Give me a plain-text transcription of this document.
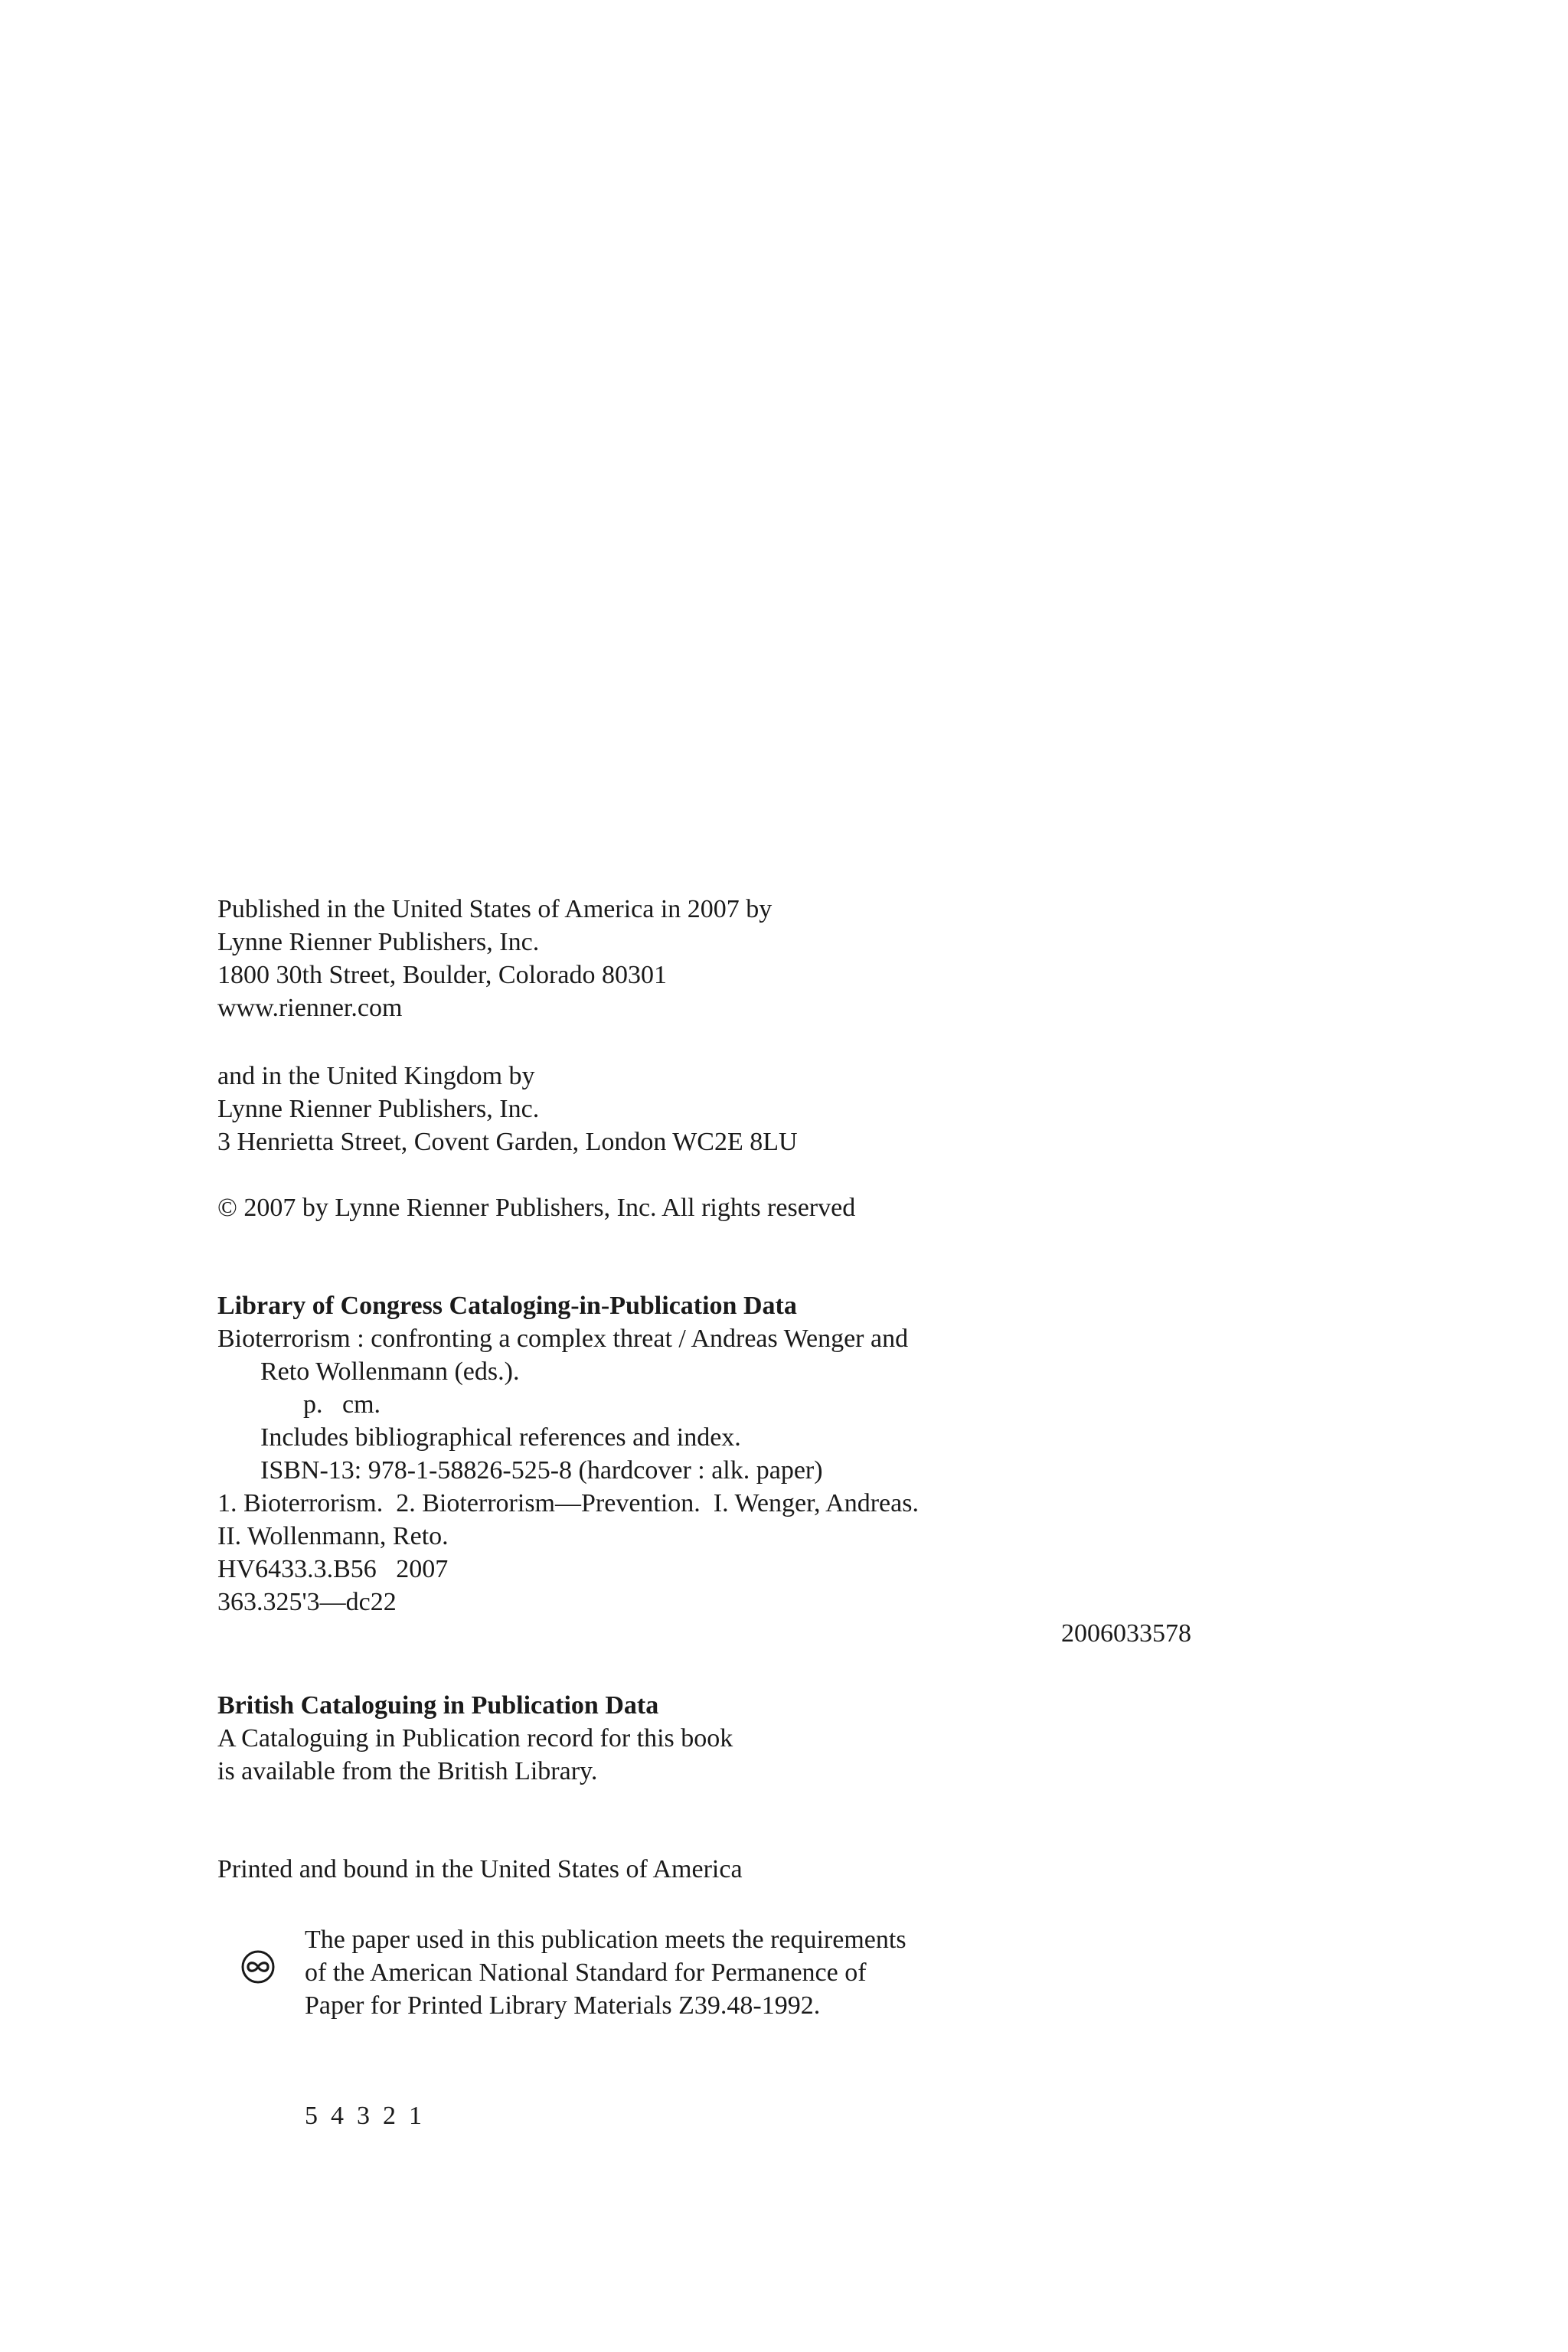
Published in the United States of America in 2007 by
Lynne Rienner Publishers, Inc.
1800 30th Street, Boulder, Colorado 80301
www.rienner.com
and in the United Kingdom by
Lynne Rienner Publishers, Inc.
3 Henrietta Street, Covent Garden, London WC2E 8LU
© 2007 by Lynne Rienner Publishers, Inc. All rights reserved
Library of Congress Cataloging-in-Publication Data
Bioterrorism : confronting a complex threat / Andreas Wenger and
Reto Wollenmann (eds.).
p.   cm.
Includes bibliographical references and index.
ISBN-13: 978-1-58826-525-8 (hardcover : alk. paper)
1. Bioterrorism.  2. Bioterrorism—Prevention.  I. Wenger, Andreas.
II. Wollenmann, Reto.
HV6433.3.B56   2007
363.325'3—dc22
2006033578
British Cataloguing in Publication Data
A Cataloguing in Publication record for this book
is available from the British Library.
Printed and bound in the United States of America
The paper used in this publication meets the requirements
of the American National Standard for Permanence of
Paper for Printed Library Materials Z39.48-1992.
5  4  3  2  1
